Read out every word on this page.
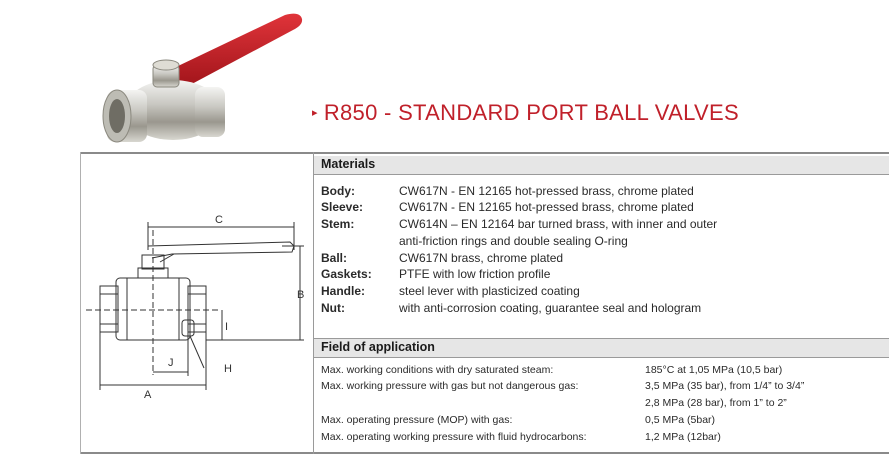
▸ R850 - STANDARD PORT BALL VALVES
C
B
I
J	H
A
Materials
Body:	CW617N - EN 12165 hot-pressed brass, chrome plated
Sleeve:	CW617N - EN 12165 hot-pressed brass, chrome plated
Stem:	CW614N – EN 12164 bar turned brass, with inner and outer
anti-friction rings and double sealing O-ring
Ball:	CW617N brass, chrome plated
Gaskets: PTFE with low friction profile
Handle:	steel lever with plasticized coating
Nut:	with anti-corrosion coating, guarantee seal and hologram
Field of application
Max. working conditions with dry saturated steam:	185°C at 1,05 MPa (10,5 bar)
Max. working pressure with gas but not dangerous gas:	3,5 MPa (35 bar), from 1/4” to 3/4”
2,8 MPa (28 bar), from 1” to 2”
Max. operating pressure (MOP) with gas:	0,5 MPa (5bar)
Max. operating working pressure with fluid hydrocarbons:	1,2 MPa (12bar)
